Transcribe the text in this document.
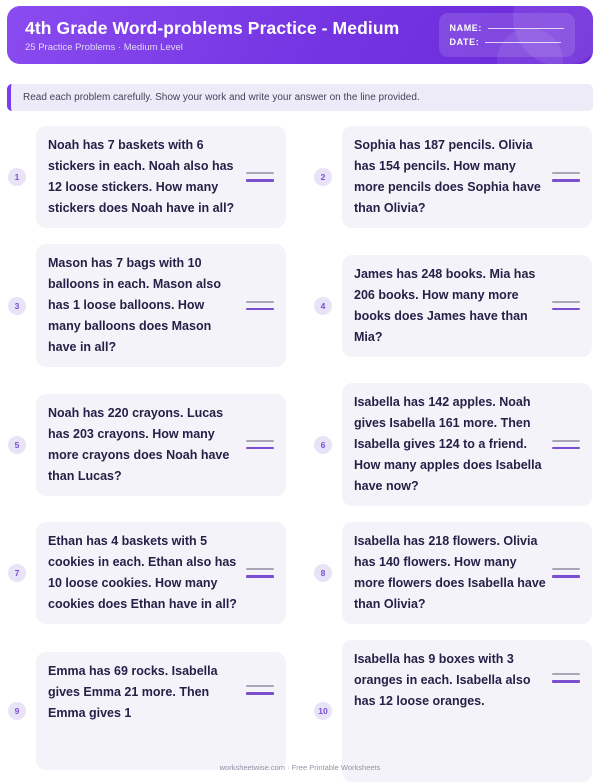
4th Grade Word-problems Practice - Medium
25 Practice Problems · Medium Level
NAME:
DATE:
Read each problem carefully. Show your work and write your answer on the line provided.
1

Noah has 7 baskets with 6 stickers in each. Noah also has 12 loose stickers. How many stickers does Noah have in all?

2

Sophia has 187 pencils. Olivia has 154 pencils. How many more pencils does Sophia have than Olivia?

3

Mason has 7 bags with 10 balloons in each. Mason also has 1 loose balloons. How many balloons does Mason have in all?

4

James has 248 books. Mia has 206 books. How many more books does James have than Mia?

5

Noah has 220 crayons. Lucas has 203 crayons. How many more crayons does Noah have than Lucas?

6

Isabella has 142 apples. Noah gives Isabella 161 more. Then Isabella gives 124 to a friend. How many apples does Isabella have now?

7

Ethan has 4 baskets with 5 cookies in each. Ethan also has 10 loose cookies. How many cookies does Ethan have in all?

8

Isabella has 218 flowers. Olivia has 140 flowers. How many more flowers does Isabella have than Olivia?

9

Emma has 69 rocks. Isabella gives Emma 21 more. Then Emma gives 1	10

Isabella has 9 boxes with 3 oranges in each. Isabella also has 12 loose oranges.

worksheetwise.com · Free Printable Worksheets
